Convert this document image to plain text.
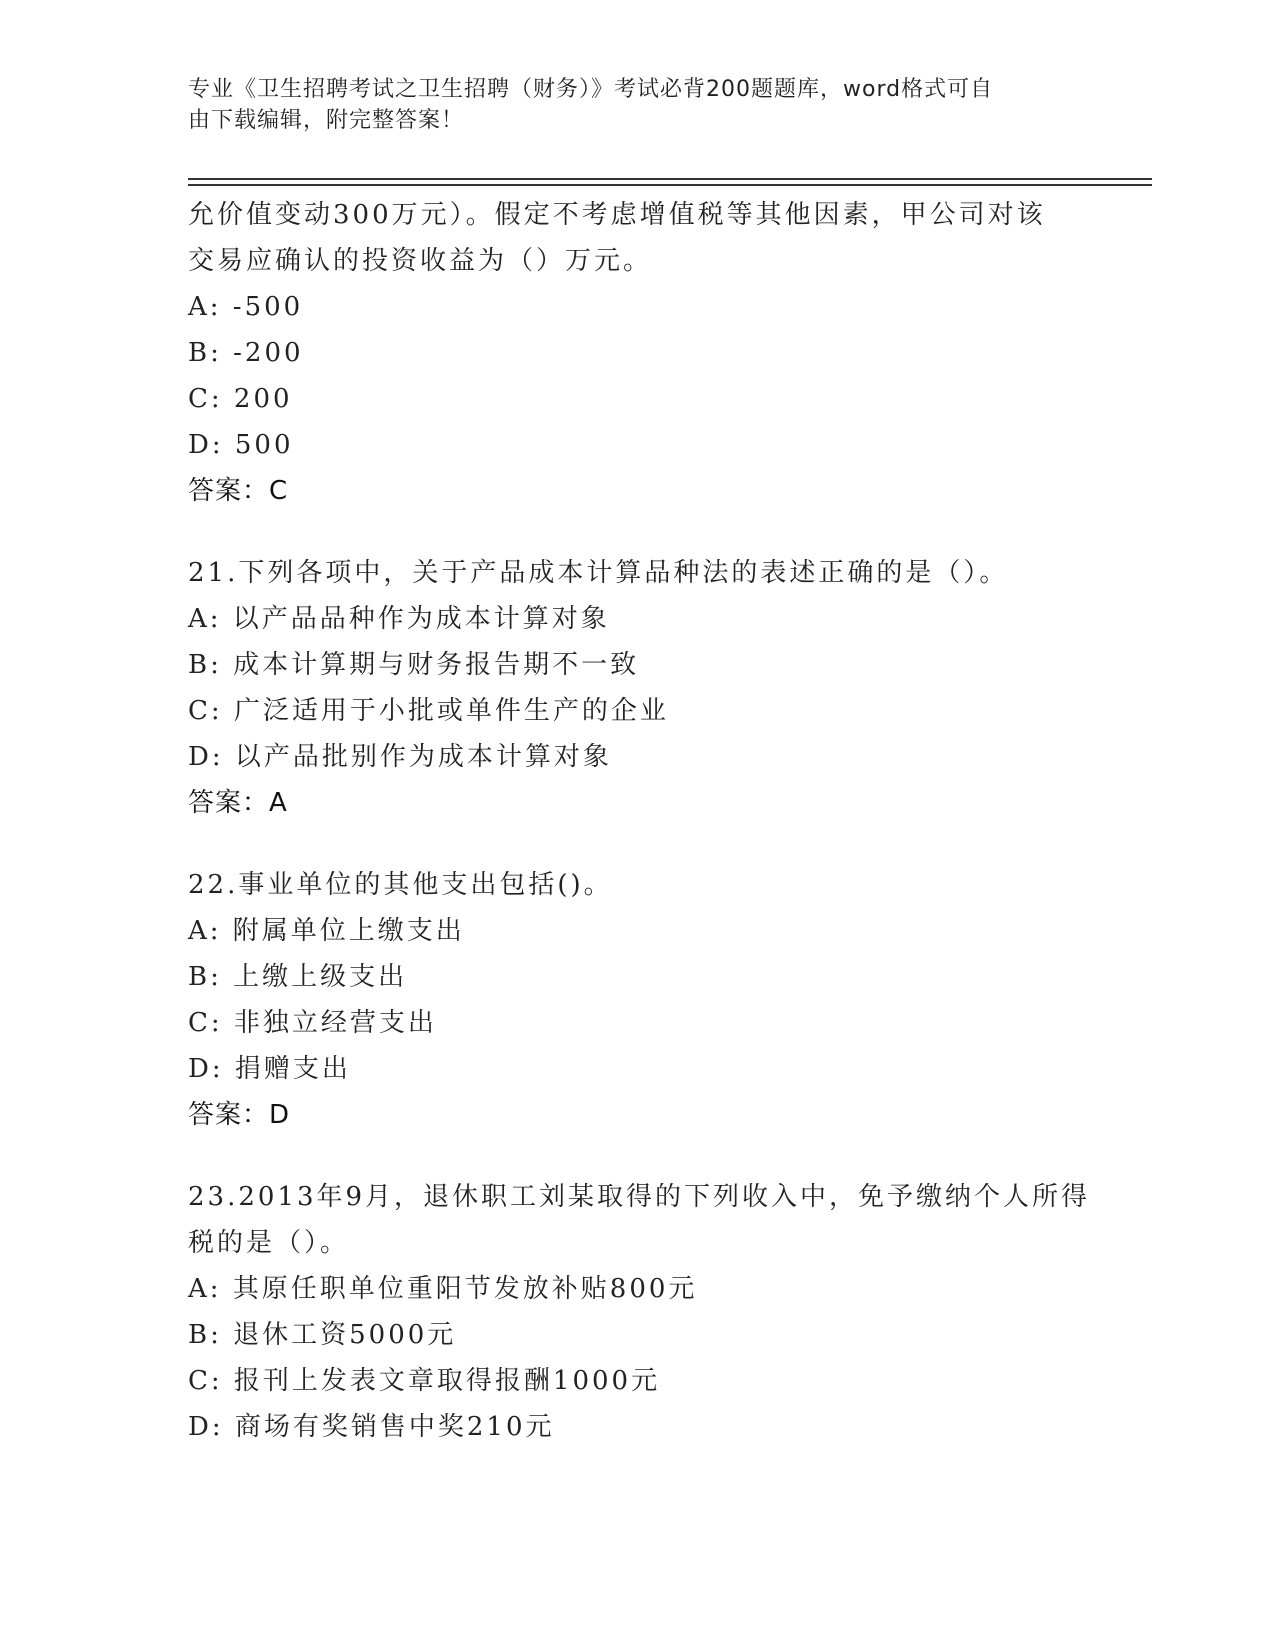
专业《卫生招聘考试之卫生招聘（财务）》考试必背200题题库，word格式可自
由下载编辑，附完整答案！
允价值变动300万元）。假定不考虑增值税等其他因素，甲公司对该
交易应确认的投资收益为（）万元。
A: -500
B: -200
C: 200
D: 500
答案：C
21.下列各项中，关于产品成本计算品种法的表述正确的是（）。
A: 以产品品种作为成本计算对象
B: 成本计算期与财务报告期不一致
C: 广泛适用于小批或单件生产的企业
D: 以产品批别作为成本计算对象
答案：A
22.事业单位的其他支出包括()。
A: 附属单位上缴支出
B: 上缴上级支出
C: 非独立经营支出
D: 捐赠支出
答案：D
23.2013年9月，退休职工刘某取得的下列收入中，免予缴纳个人所得
税的是（）。
A: 其原任职单位重阳节发放补贴800元
B: 退休工资5000元
C: 报刊上发表文章取得报酬1000元
D: 商场有奖销售中奖210元
